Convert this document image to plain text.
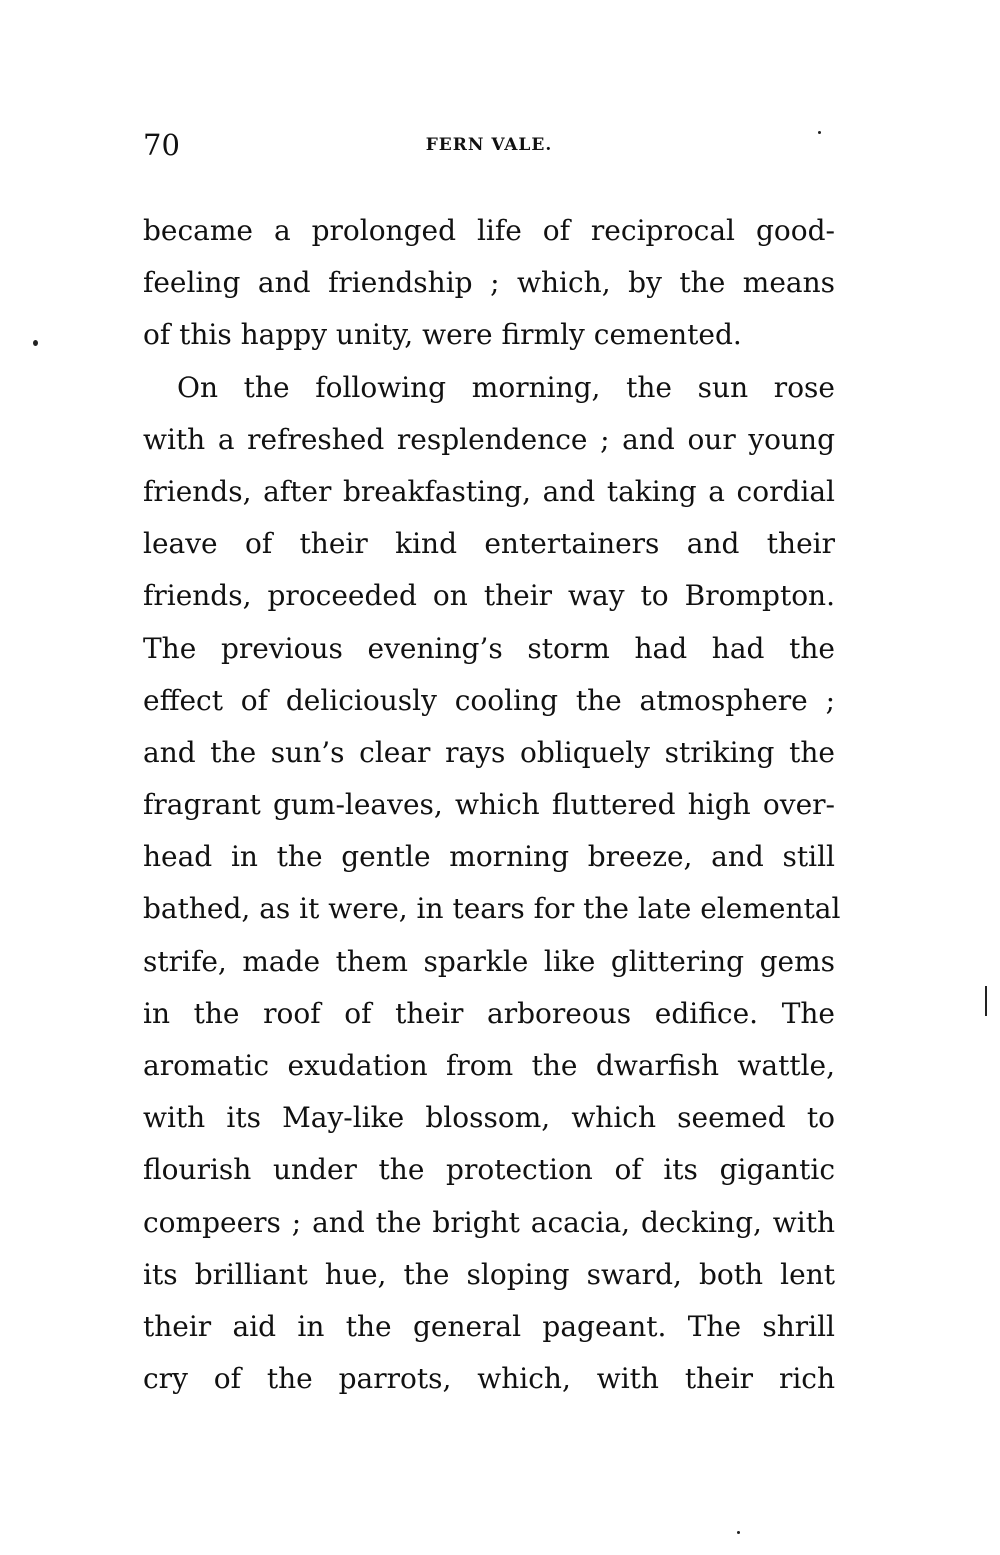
70	FERN VALE.
became a prolonged life of reciprocal good-
feeling and friendship ; which, by the means
of this happy unity, were firmly cemented.
On the following morning, the sun rose
with a refreshed resplendence ; and our young
friends, after breakfasting, and taking a cordial
leave of their kind entertainers and their
friends, proceeded on their way to Brompton.
The previous evening’s storm had had the
effect of deliciously cooling the atmosphere ;
and the sun’s clear rays obliquely striking the
fragrant gum-leaves, which fluttered high over-
head in the gentle morning breeze, and still
bathed, as it were, in tears for the late elemental
strife, made them sparkle like glittering gems
in the roof of their arboreous edifice. The
aromatic exudation from the dwarfish wattle,
with its May-like blossom, which seemed to
flourish under the protection of its gigantic
compeers ; and the bright acacia, decking, with
its brilliant hue, the sloping sward, both lent
their aid in the general pageant. The shrill
cry of the parrots, which, with their rich
